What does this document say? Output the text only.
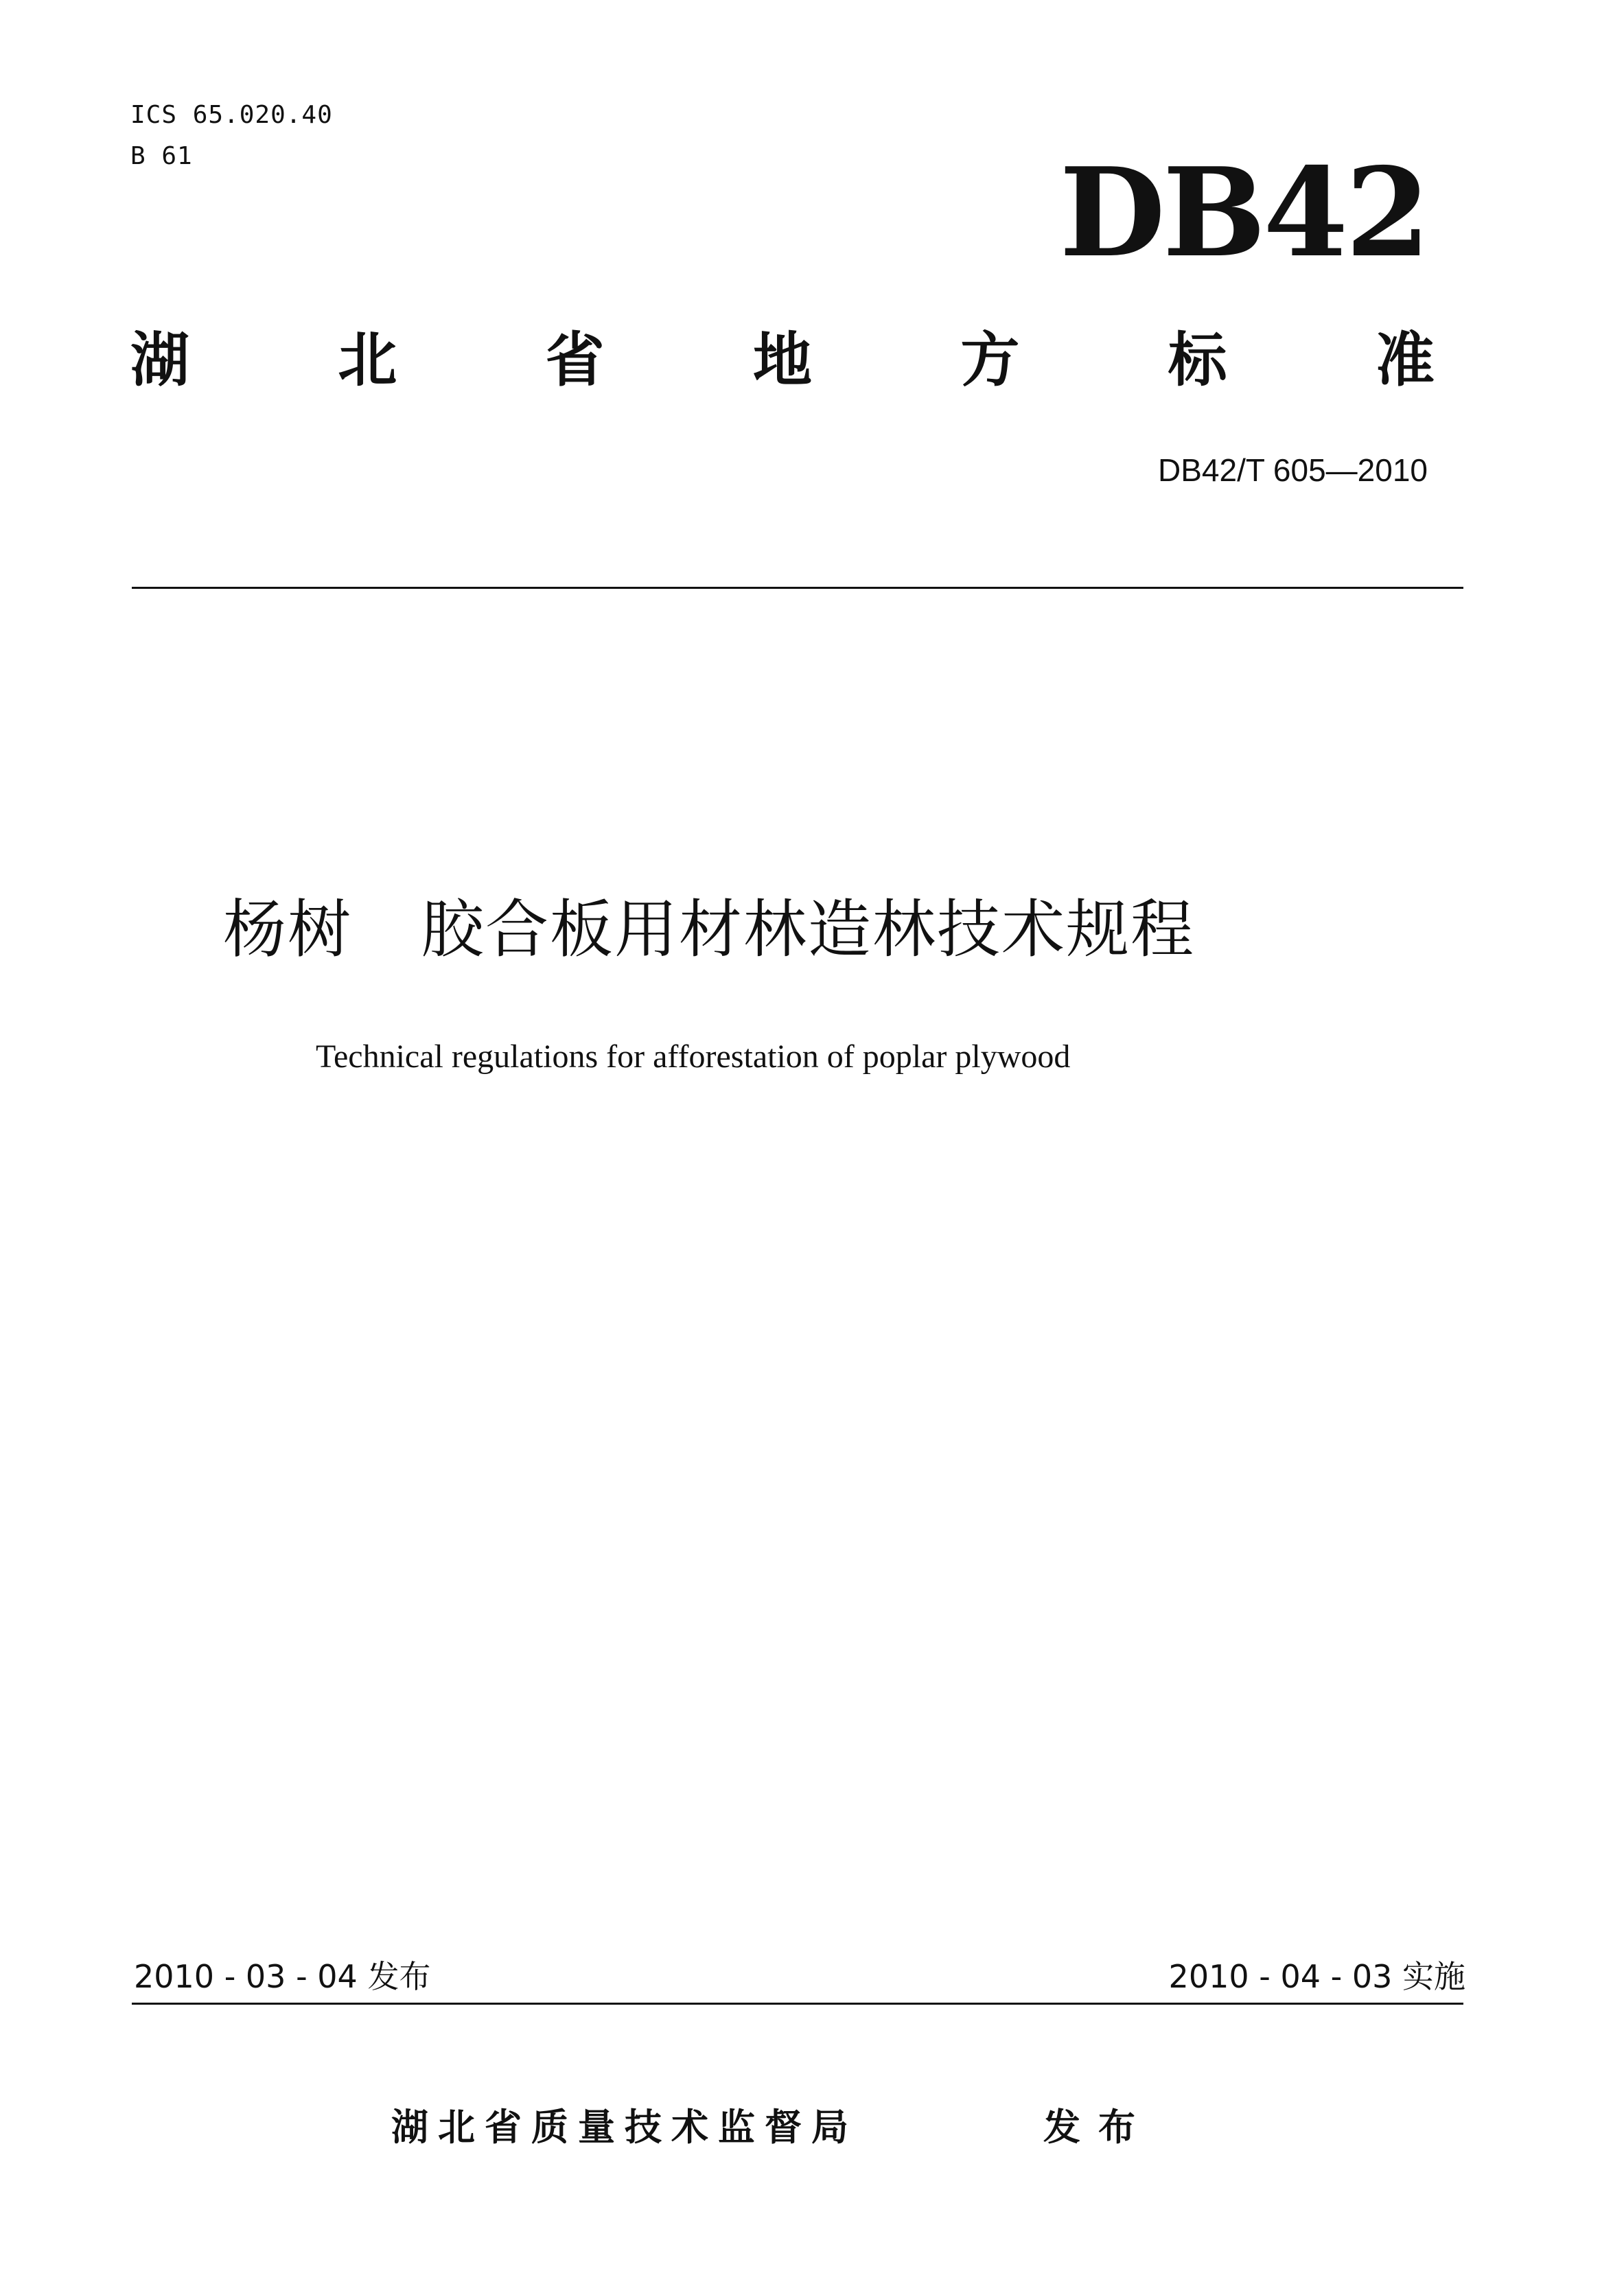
ICS 65.020.40
B 61	DB42
湖	北	省	地	方	标	准
DB42/T 605—2010
杨树 胶合板用材林造林技术规程
Technical regulations for afforestation of poplar plywood
2010 - 03 - 04 发布	2010 - 04 - 03 实施
湖北省质量技术监督局	发布
